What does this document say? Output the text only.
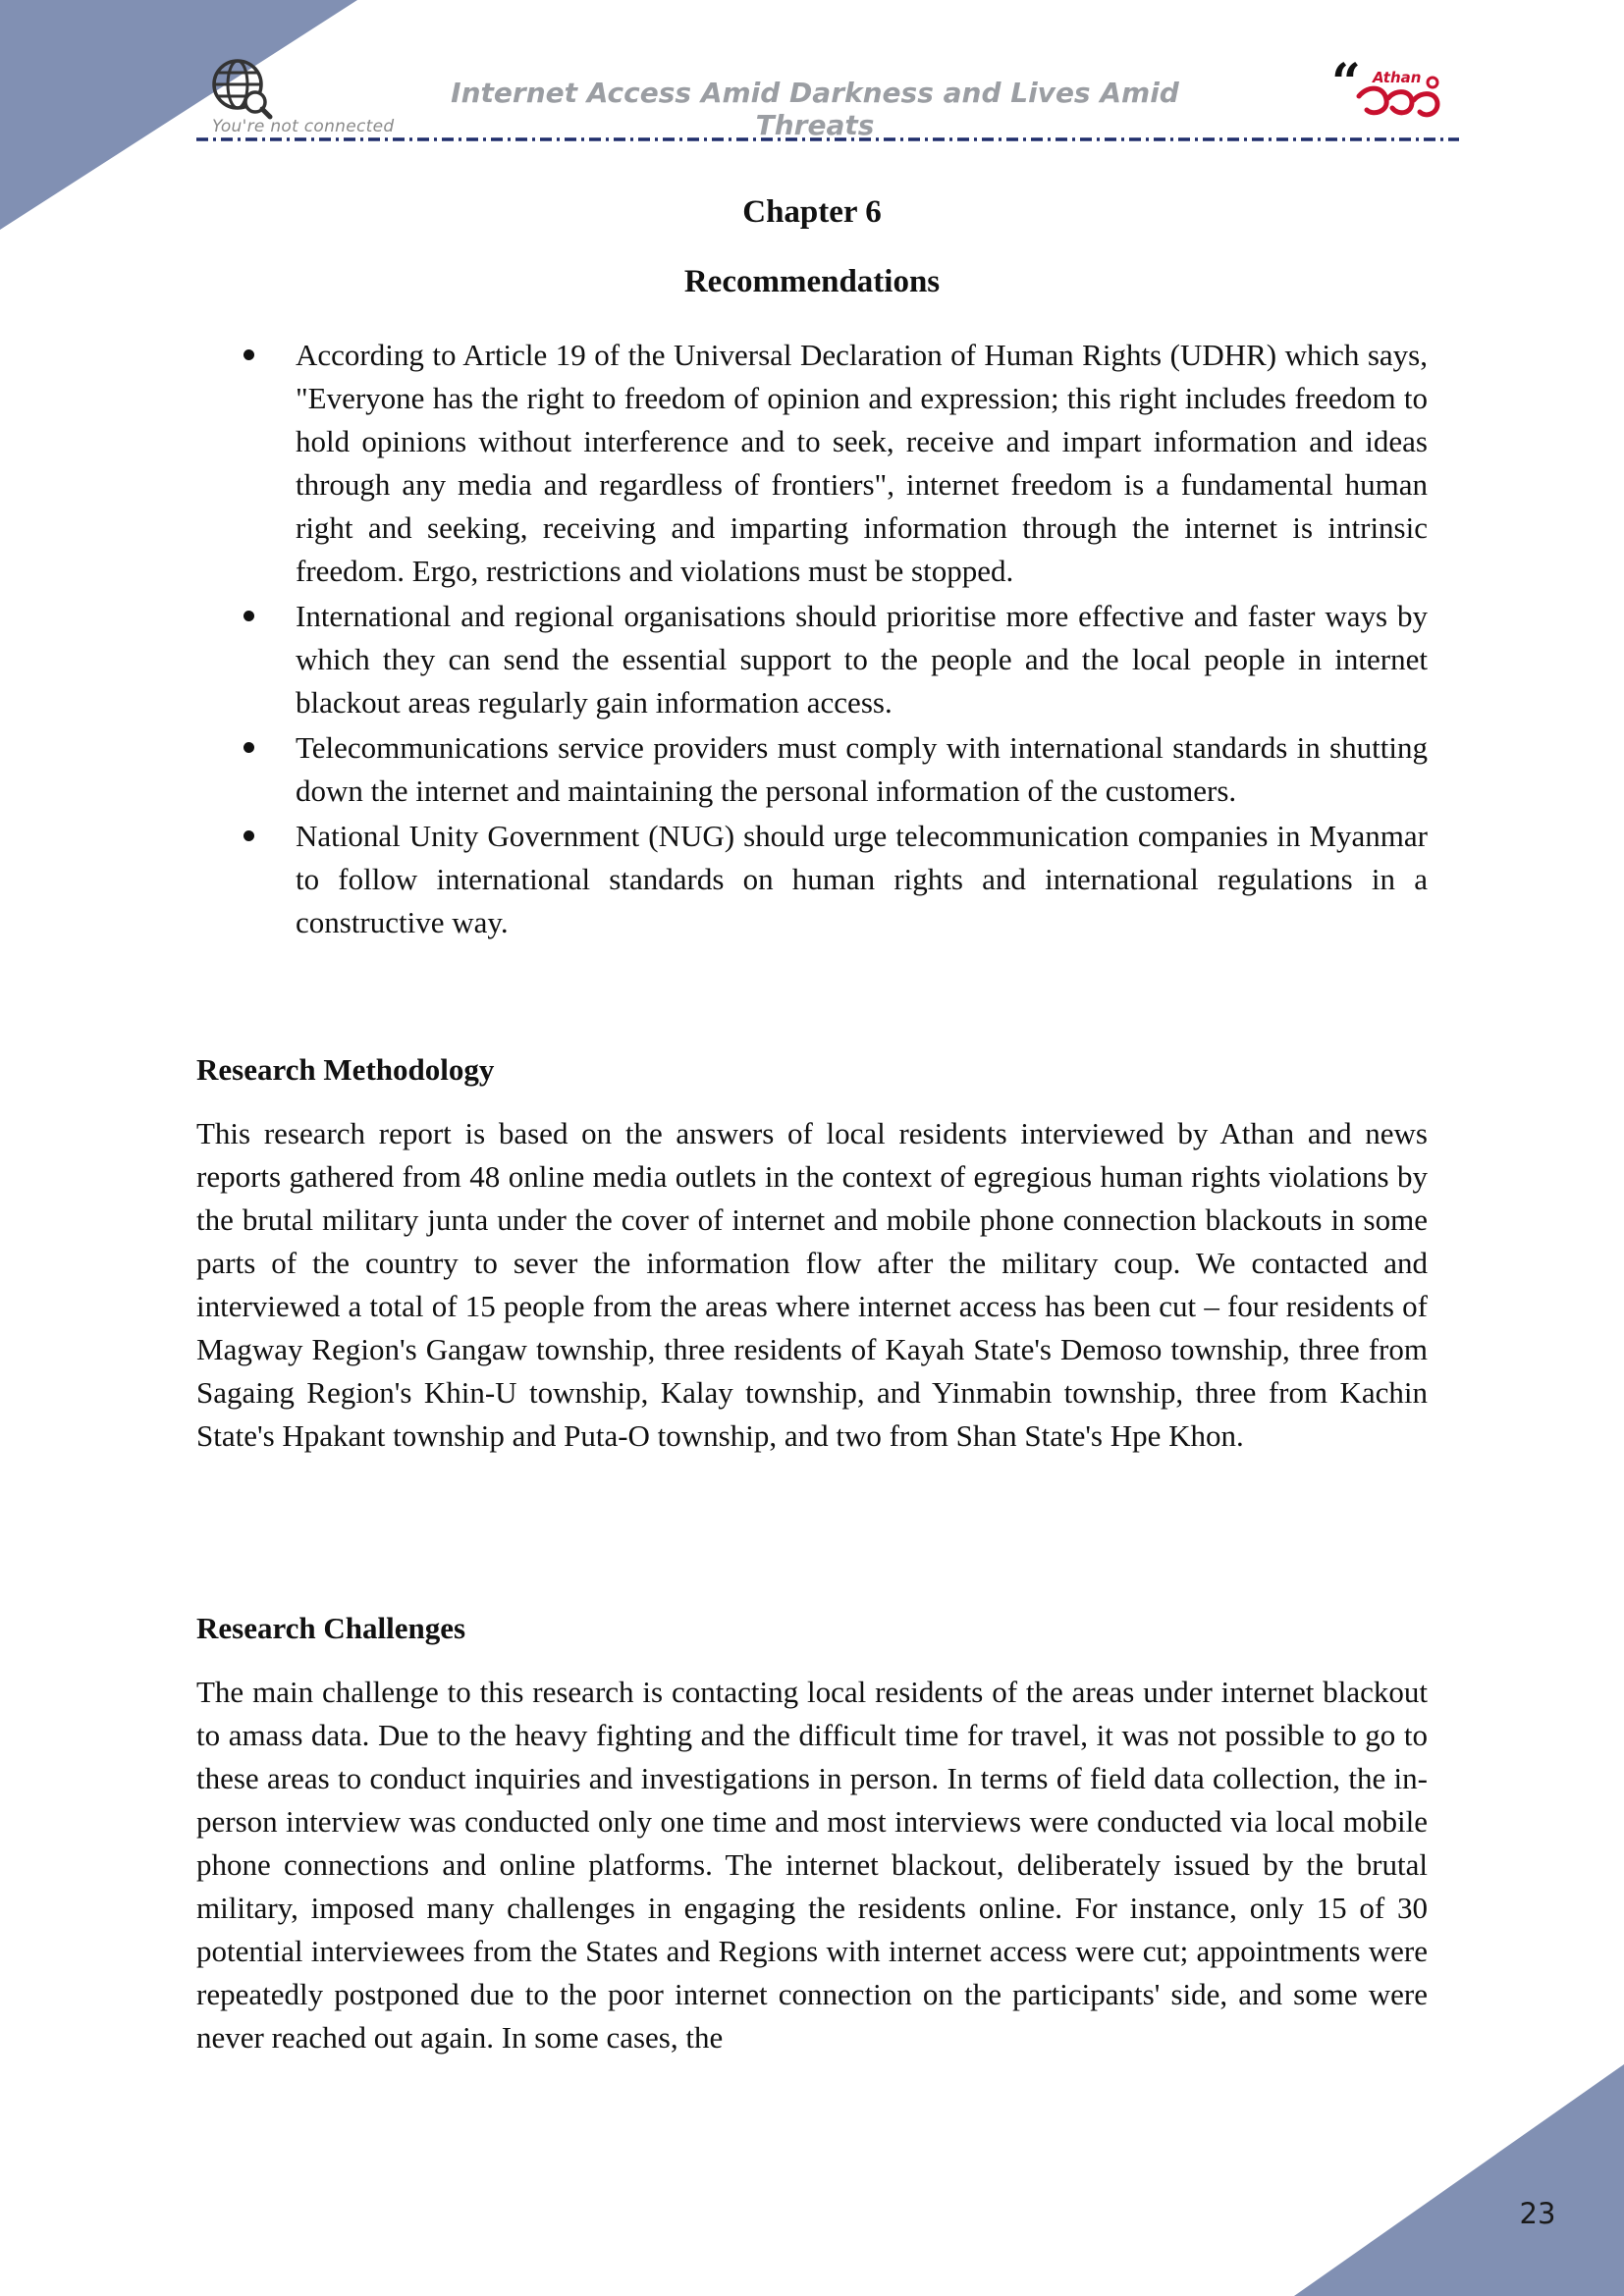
You're not connected
Internet Access Amid Darkness and Lives Amid Threats
“ Athan
Chapter 6
Recommendations
According to Article 19 of the Universal Declaration of Human Rights (UDHR) which says, "Everyone has the right to freedom of opinion and expression; this right includes freedom to hold opinions without interference and to seek, receive and impart information and ideas through any media and regardless of frontiers", internet freedom is a fundamental human right and seeking, receiving and imparting information through the internet is intrinsic freedom. Ergo, restrictions and violations must be stopped.
International and regional organisations should prioritise more effective and faster ways by which they can send the essential support to the people and the local people in internet blackout areas regularly gain information access.
Telecommunications service providers must comply with international standards in shutting down the internet and maintaining the personal information of the customers.
National Unity Government (NUG) should urge telecommunication companies in Myanmar to follow international standards on human rights and international regulations in a constructive way.
Research Methodology

This research report is based on the answers of local residents interviewed by Athan and news reports gathered from 48 online media outlets in the context of egregious human rights violations by the brutal military junta under the cover of internet and mobile phone connection blackouts in some parts of the country to sever the information flow after the military coup. We contacted and interviewed a total of 15 people from the areas where internet access has been cut – four residents of Magway Region's Gangaw township, three residents of Kayah State's Demoso township, three from Sagaing Region's Khin-U township, Kalay township, and Yinmabin township, three from Kachin State's Hpakant township and Puta-O township, and two from Shan State's Hpe Khon.

Research Challenges

The main challenge to this research is contacting local residents of the areas under internet blackout to amass data. Due to the heavy fighting and the difficult time for travel, it was not possible to go to these areas to conduct inquiries and investigations in person. In terms of field data collection, the in-person interview was conducted only one time and most interviews were conducted via local mobile phone connections and online platforms. The internet blackout, deliberately issued by the brutal military, imposed many challenges in engaging the residents online. For instance, only 15 of 30 potential interviewees from the States and Regions with internet access were cut; appointments were repeatedly postponed due to the poor internet connection on the participants' side, and some were never reached out again. In some cases, the

23
